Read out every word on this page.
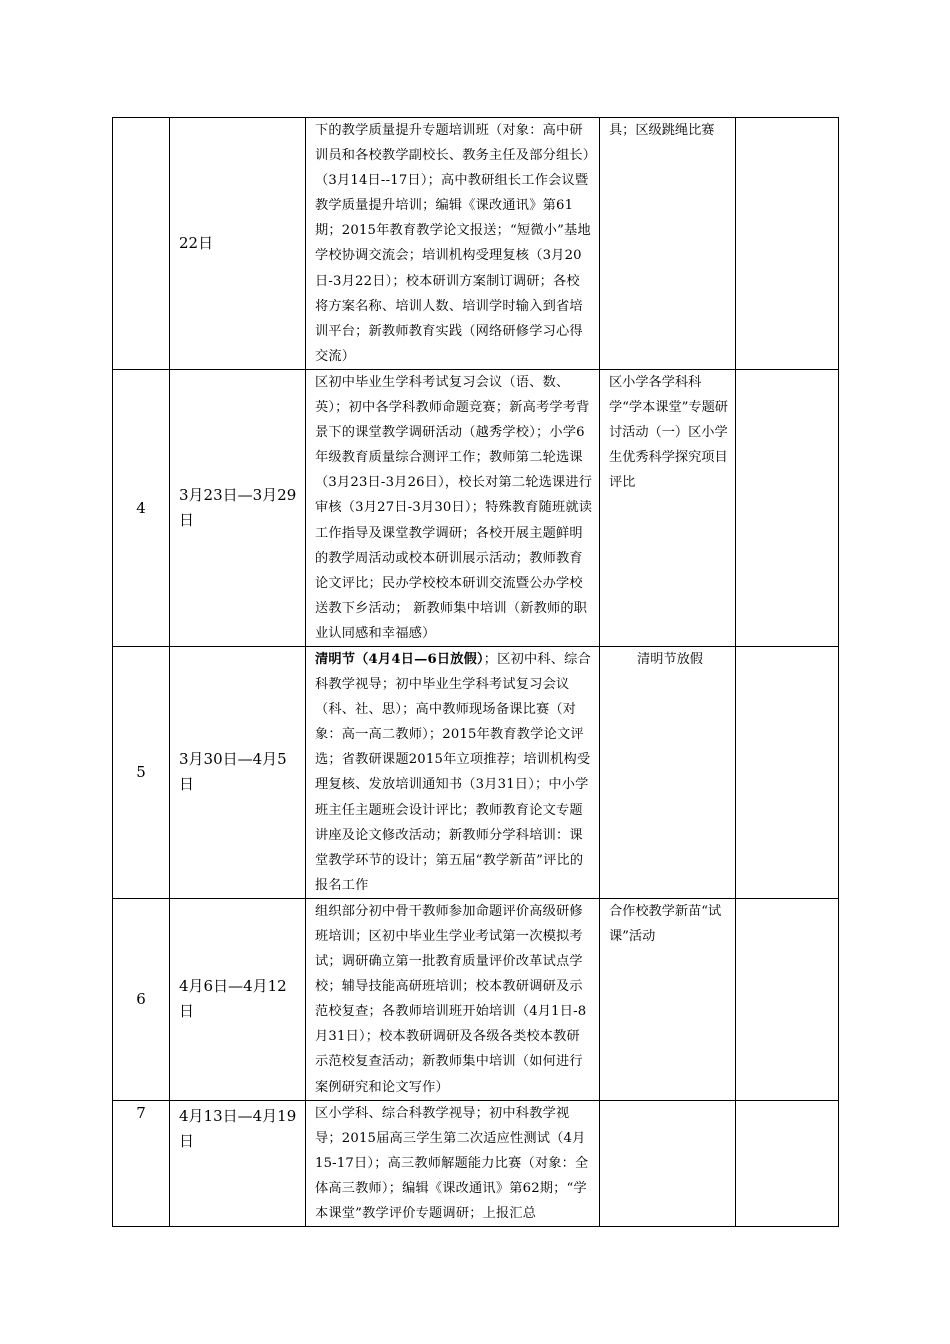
	22日	下的教学质量提升专题培训班（对象：高中研训员和各校教学副校长、教务主任及部分组长）（3月14日--17日）；高中教研组长工作会议暨教学质量提升培训；编辑《课改通讯》第61期；2015年教育教学论文报送；“短微小”基地学校协调交流会；培训机构受理复核（3月20日-3月22日）；校本研训方案制订调研；各校将方案名称、培训人数、培训学时输入到省培训平台；新教师教育实践（网络研修学习心得交流）	具；区级跳绳比赛	
4	3月23日—3月29日	区初中毕业生学科考试复习会议（语、数、英）；初中各学科教师命题竞赛；新高考学考背景下的课堂教学调研活动（越秀学校）；小学6年级教育质量综合测评工作；教师第二轮选课（3月23日-3月26日），校长对第二轮选课进行审核（3月27日-3月30日）；特殊教育随班就读工作指导及课堂教学调研；各校开展主题鲜明的教学周活动或校本研训展示活动；教师教育论文评比；民办学校校本研训交流暨公办学校送教下乡活动； 新教师集中培训（新教师的职业认同感和幸福感）	区小学各学科科学“学本课堂”专题研讨活动（一）区小学生优秀科学探究项目评比	
5	3月30日—4月5日	清明节（4月4日—6日放假）；区初中科、综合科教学视导；初中毕业生学科考试复习会议（科、社、思）；高中教师现场备课比赛（对象：高一高二教师）；2015年教育教学论文评选；省教研课题2015年立项推荐；培训机构受理复核、发放培训通知书（3月31日）；中小学班主任主题班会设计评比；教师教育论文专题讲座及论文修改活动；新教师分学科培训：课堂教学环节的设计；第五届“教学新苗”评比的报名工作	清明节放假	
6	4月6日—4月12日	组织部分初中骨干教师参加命题评价高级研修班培训；区初中毕业生学业考试第一次模拟考试；调研确立第一批教育质量评价改革试点学校；辅导技能高研班培训；校本教研调研及示范校复查；各教师培训班开始培训（4月1日-8月31日）；校本教研调研及各级各类校本教研示范校复查活动；新教师集中培训（如何进行案例研究和论文写作）	合作校教学新苗“试课”活动	
7	4月13日—4月19日	区小学科、综合科教学视导；初中科教学视导；2015届高三学生第二次适应性测试（4月15-17日）；高三教师解题能力比赛（对象：全体高三教师）；编辑《课改通讯》第62期；“学本课堂”教学评价专题调研；上报汇总		
